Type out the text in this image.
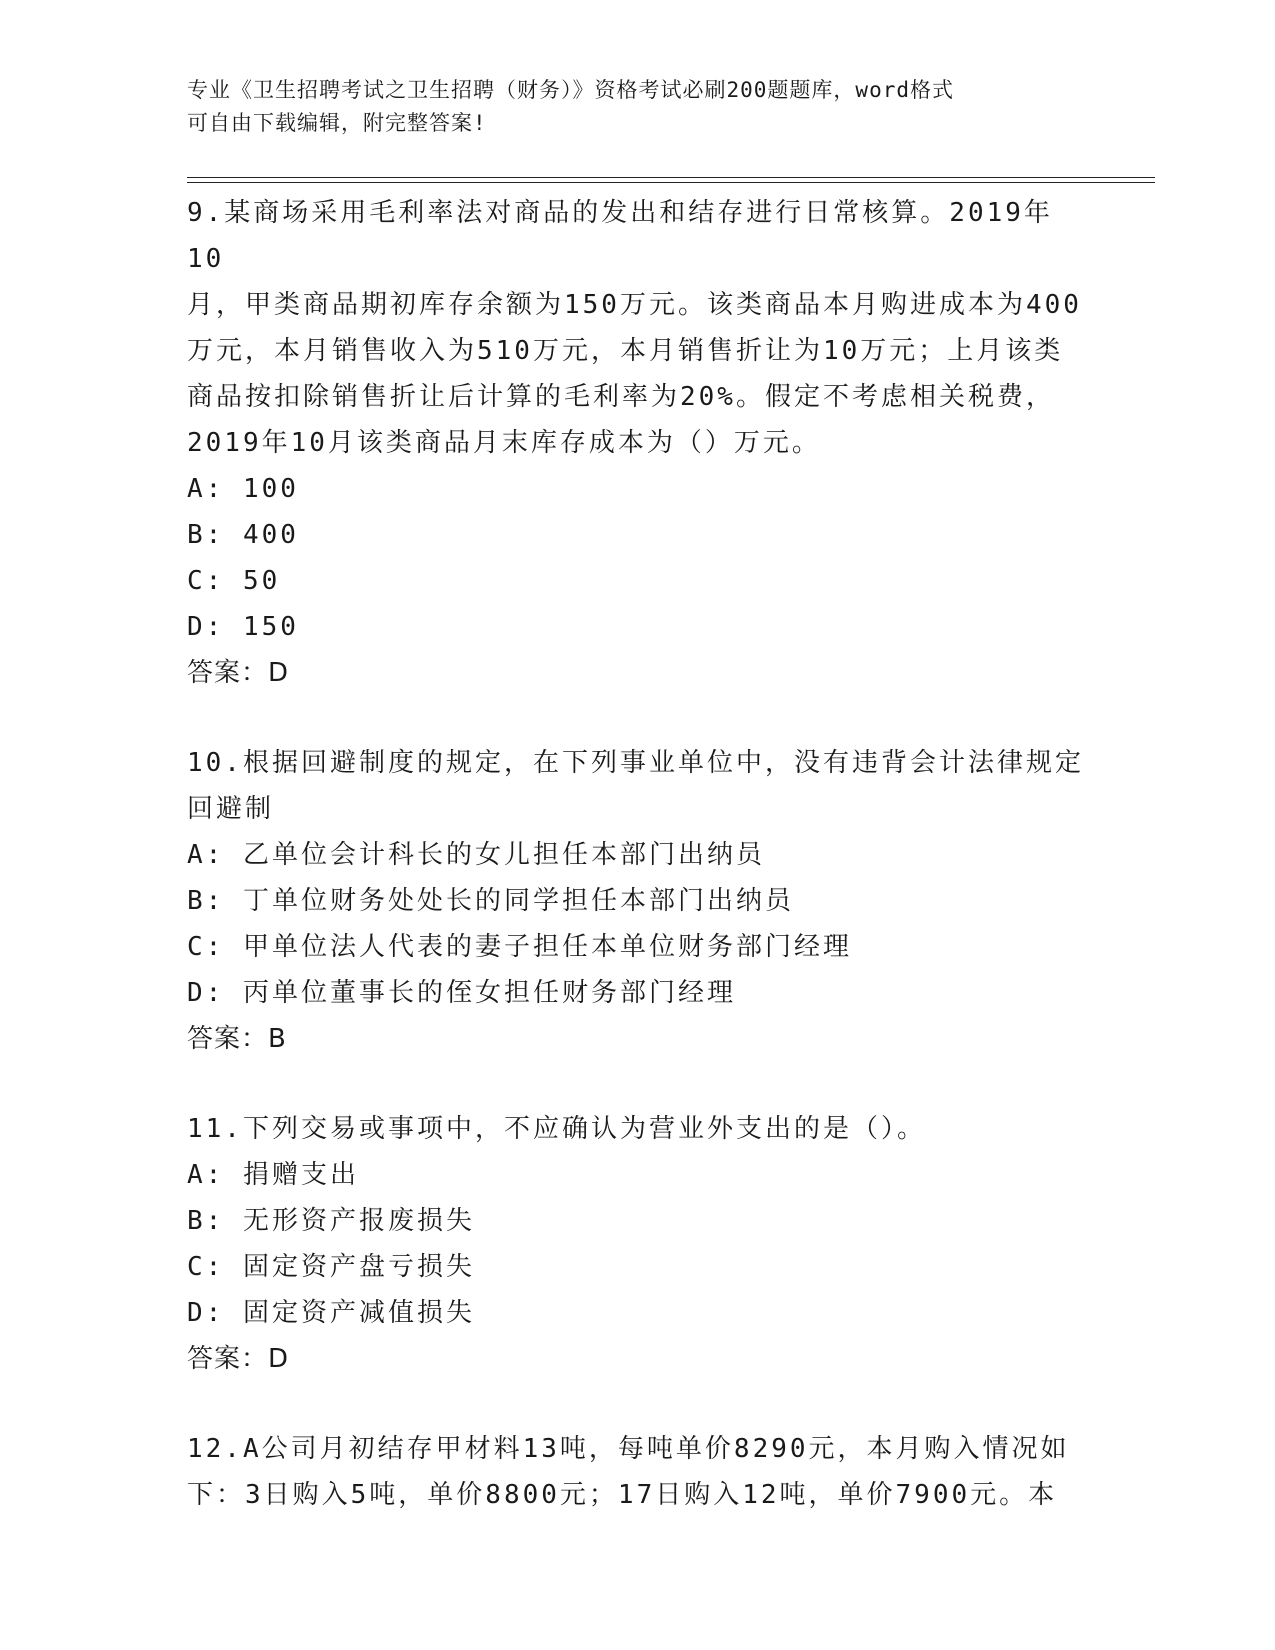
专业《卫生招聘考试之卫生招聘（财务）》资格考试必刷200题题库，word格式
可自由下载编辑，附完整答案!

9.某商场采用毛利率法对商品的发出和结存进行日常核算。2019年10

月，甲类商品期初库存余额为150万元。该类商品本月购进成本为400

万元，本月销售收入为510万元，本月销售折让为10万元；上月该类

商品按扣除销售折让后计算的毛利率为20%。假定不考虑相关税费，

2019年10月该类商品月末库存成本为（）万元。

A: 100

B: 400

C: 50

D: 150

答案：D

10.根据回避制度的规定，在下列事业单位中，没有违背会计法律规定

回避制

A: 乙单位会计科长的女儿担任本部门出纳员

B: 丁单位财务处处长的同学担任本部门出纳员

C: 甲单位法人代表的妻子担任本单位财务部门经理

D: 丙单位董事长的侄女担任财务部门经理

答案：B

11.下列交易或事项中，不应确认为营业外支出的是（）。

A: 捐赠支出

B: 无形资产报废损失

C: 固定资产盘亏损失

D: 固定资产减值损失

答案：D

12.A公司月初结存甲材料13吨，每吨单价8290元，本月购入情况如

下：3日购入5吨，单价8800元；17日购入12吨，单价7900元。本
